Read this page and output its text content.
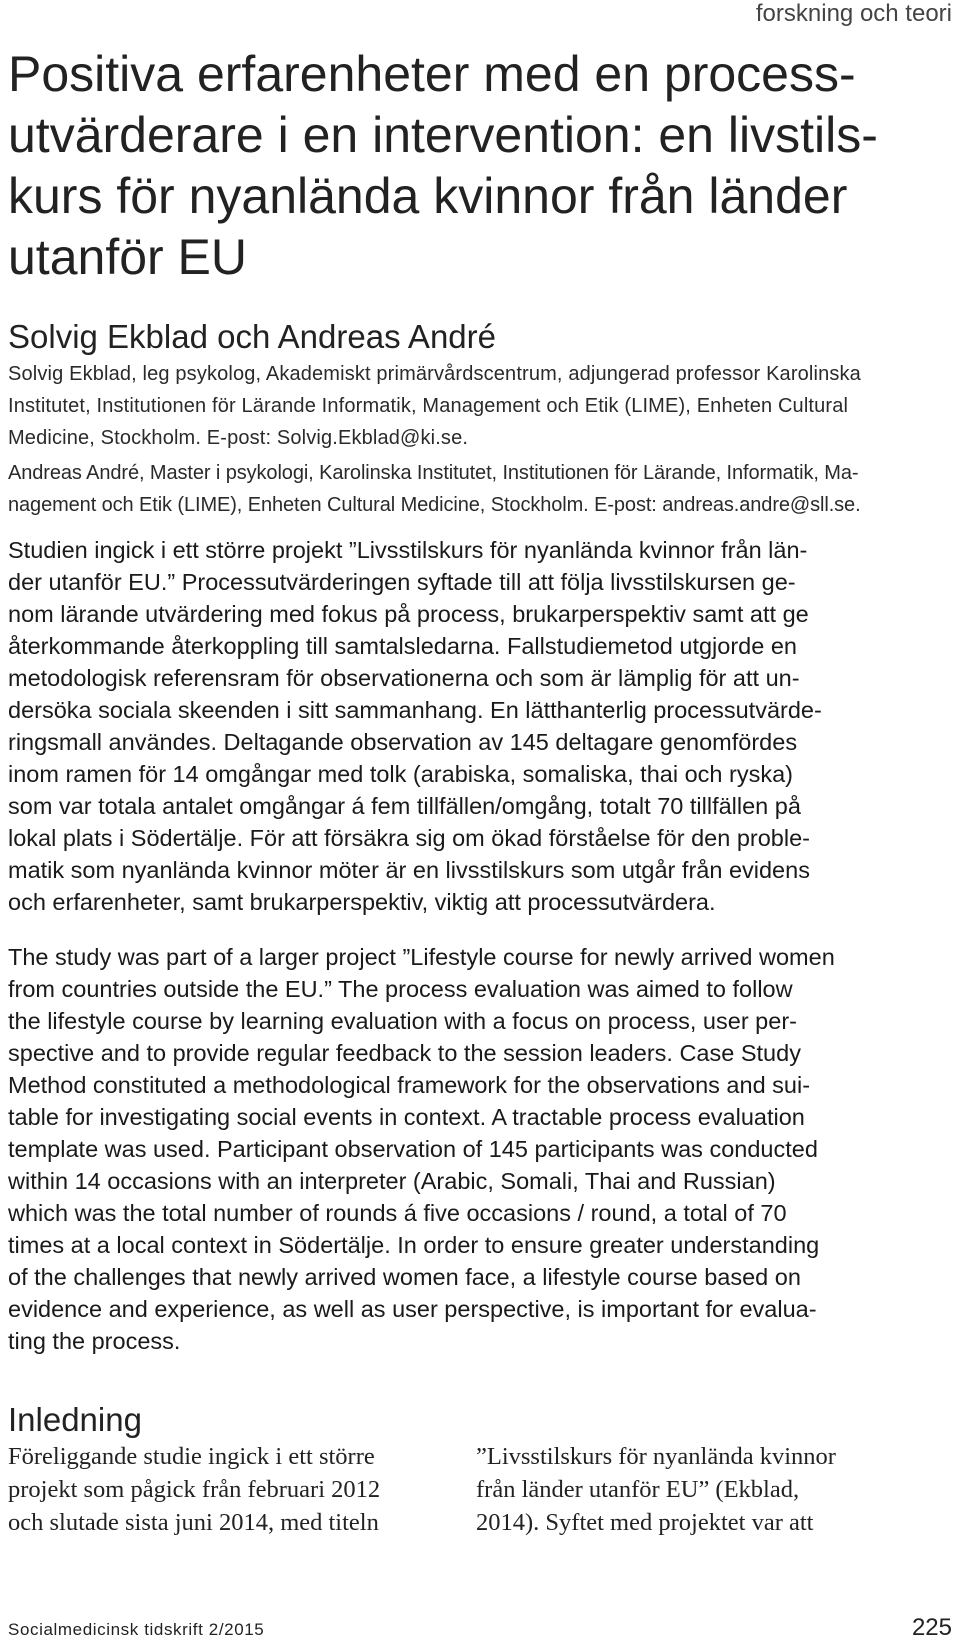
forskning och teori
Positiva erfarenheter med en process-
utvärderare i en intervention: en livstils-
kurs för nyanlända kvinnor från länder
utanför EU
Solvig Ekblad och Andreas André
Solvig Ekblad, leg psykolog, Akademiskt primärvårdscentrum, adjungerad professor Karolinska
Institutet, Institutionen för Lärande Informatik, Management och Etik (LIME), Enheten Cultural
Medicine, Stockholm. E-post: Solvig.Ekblad@ki.se.
Andreas André, Master i psykologi, Karolinska Institutet, Institutionen för Lärande, Informatik, Ma-
nagement och Etik (LIME), Enheten Cultural Medicine, Stockholm. E-post: andreas.andre@sll.se.
Studien ingick i ett större projekt ”Livsstilskurs för nyanlända kvinnor från län-
der utanför EU.” Processutvärderingen syftade till att följa livsstilskursen ge-
nom lärande utvärdering med fokus på process, brukarperspektiv samt att ge
återkommande återkoppling till samtalsledarna. Fallstudiemetod utgjorde en
metodologisk referensram för observationerna och som är lämplig för att un-
dersöka sociala skeenden i sitt sammanhang. En lätthanterlig processutvärde-
ringsmall användes. Deltagande observation av 145 deltagare genomfördes
inom ramen för 14 omgångar med tolk (arabiska, somaliska, thai och ryska)
som var totala antalet omgångar á fem tillfällen/omgång, totalt 70 tillfällen på
lokal plats i Södertälje. För att försäkra sig om ökad förståelse för den proble-
matik som nyanlända kvinnor möter är en livsstilskurs som utgår från evidens
och erfarenheter, samt brukarperspektiv, viktig att processutvärdera.
The study was part of a larger project ”Lifestyle course for newly arrived women
from countries outside the EU.” The process evaluation was aimed to follow
the lifestyle course by learning evaluation with a focus on process, user per-
spective and to provide regular feedback to the session leaders. Case Study
Method constituted a methodological framework for the observations and sui-
table for investigating social events in context. A tractable process evaluation
template was used. Participant observation of 145 participants was conducted
within 14 occasions with an interpreter (Arabic, Somali, Thai and Russian)
which was the total number of rounds á five occasions / round, a total of 70
times at a local context in Södertälje. In order to ensure greater understanding
of the challenges that newly arrived women face, a lifestyle course based on
evidence and experience, as well as user perspective, is important for evalua-
ting the process.
Inledning
Föreliggande studie ingick i ett större
projekt som pågick från februari 2012
och slutade sista juni 2014, med titeln
”Livsstilskurs för nyanlända kvinnor
från länder utanför EU” (Ekblad,
2014). Syftet med projektet var att
Socialmedicinsk tidskrift 2/2015	225
